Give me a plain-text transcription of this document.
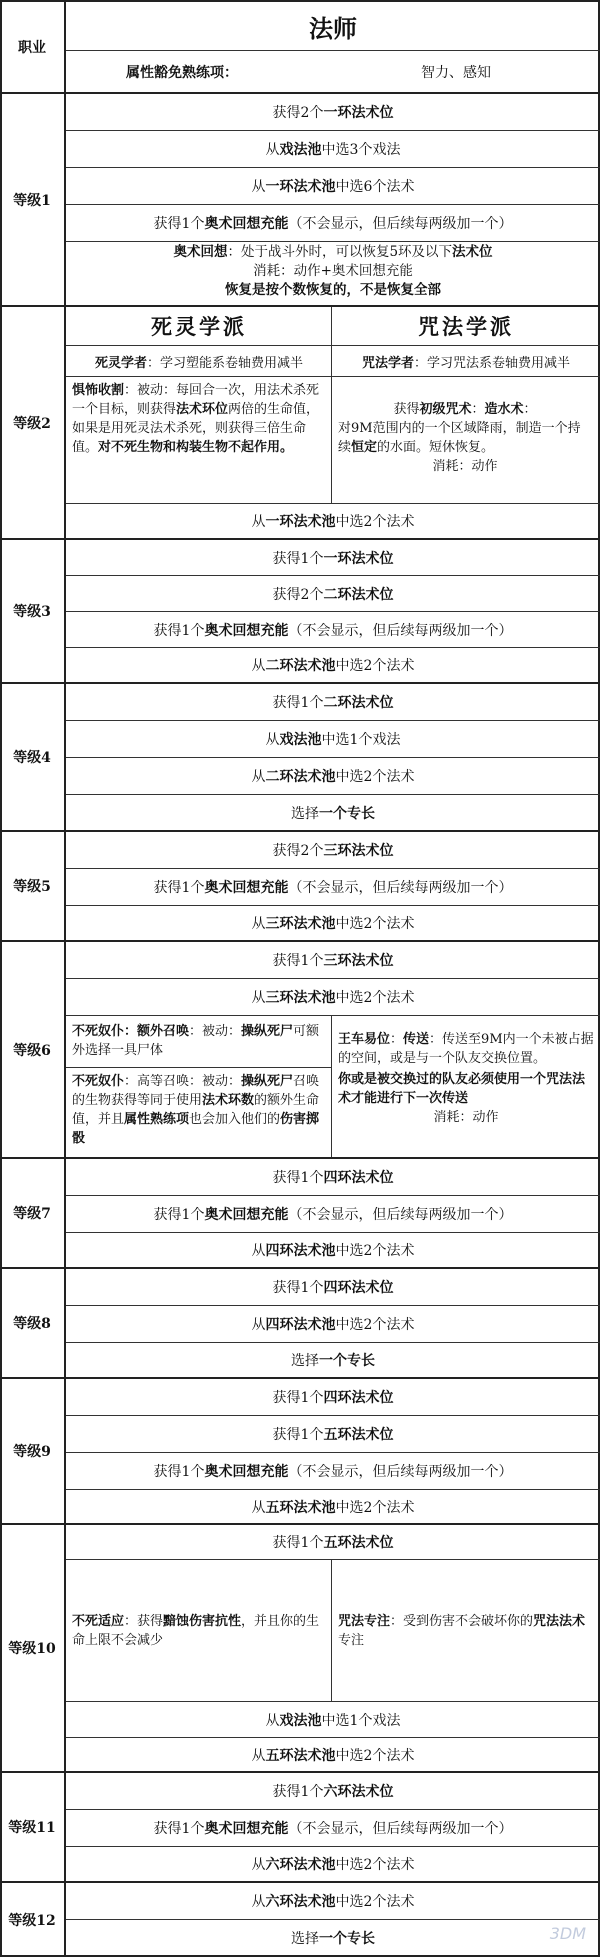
职业
法师
属性豁免熟练项：	智力、感知
等级1
获得2个 一环法术位
从 戏法池 中选3个戏法
从 一环法术池 中选6个法术
获得1个 奥术回想充能 （不会显示，但后续每两级加一个）
奥术回想：处于战斗外时，可以恢复5环及以下法术位
消耗：动作+奥术回想充能
恢复是按个数恢复的，不是恢复全部
等级2
死灵学派	咒法学派
死灵学者 ：学习塑能系卷轴费用减半	咒法学者 ：学习咒法系卷轴费用减半
惧怖收割：被动：每回合一次，用法术杀死一个目标，则获得法术环位两倍的生命值，如果是用死灵法术杀死，则获得三倍生命值。对不死生物和构装生物不起作用。
获得初级咒术：造水术：
对9M范围内的一个区域降雨，制造一个持续恒定的水面。短休恢复。
消耗：动作
从 一环法术池 中选2个法术
等级3
获得1个 一环法术位
获得2个 二环法术位
获得1个 奥术回想充能 （不会显示，但后续每两级加一个）
从 二环法术池 中选2个法术
等级4
获得1个 二环法术位
从 戏法池 中选1个戏法
从 二环法术池 中选2个法术
选择 一个专长
等级5
获得2个 三环法术位
获得1个 奥术回想充能 （不会显示，但后续每两级加一个）
从 三环法术池 中选2个法术
等级6
获得1个 三环法术位
从 三环法术池 中选2个法术
不死奴仆：额外召唤：被动：操纵死尸可额外选择一具尸体
不死奴仆：高等召唤：被动：操纵死尸召唤的生物获得等同于使用法术环数的额外生命值，并且属性熟练项也会加入他们的伤害掷骰
王车易位：传送：传送至9M内一个未被占据的空间，或是与一个队友交换位置。
你或是被交换过的队友必须使用一个咒法法术才能进行下一次传送
消耗：动作
等级7
获得1个 四环法术位
获得1个 奥术回想充能 （不会显示，但后续每两级加一个）
从 四环法术池 中选2个法术
等级8
获得1个 四环法术位
从 四环法术池 中选2个法术
选择 一个专长
等级9
获得1个 四环法术位
获得1个 五环法术位
获得1个 奥术回想充能 （不会显示，但后续每两级加一个）
从 五环法术池 中选2个法术
等级10
获得1个 五环法术位
不死适应：获得黯蚀伤害抗性，并且你的生命上限不会减少
咒法专注：受到伤害不会破坏你的咒法法术专注
从 戏法池 中选1个戏法
从 五环法术池 中选2个法术
等级11
获得1个 六环法术位
获得1个 奥术回想充能 （不会显示，但后续每两级加一个）
从 六环法术池 中选2个法术
等级12
从 六环法术池 中选2个法术
选择 一个专长	3DM
